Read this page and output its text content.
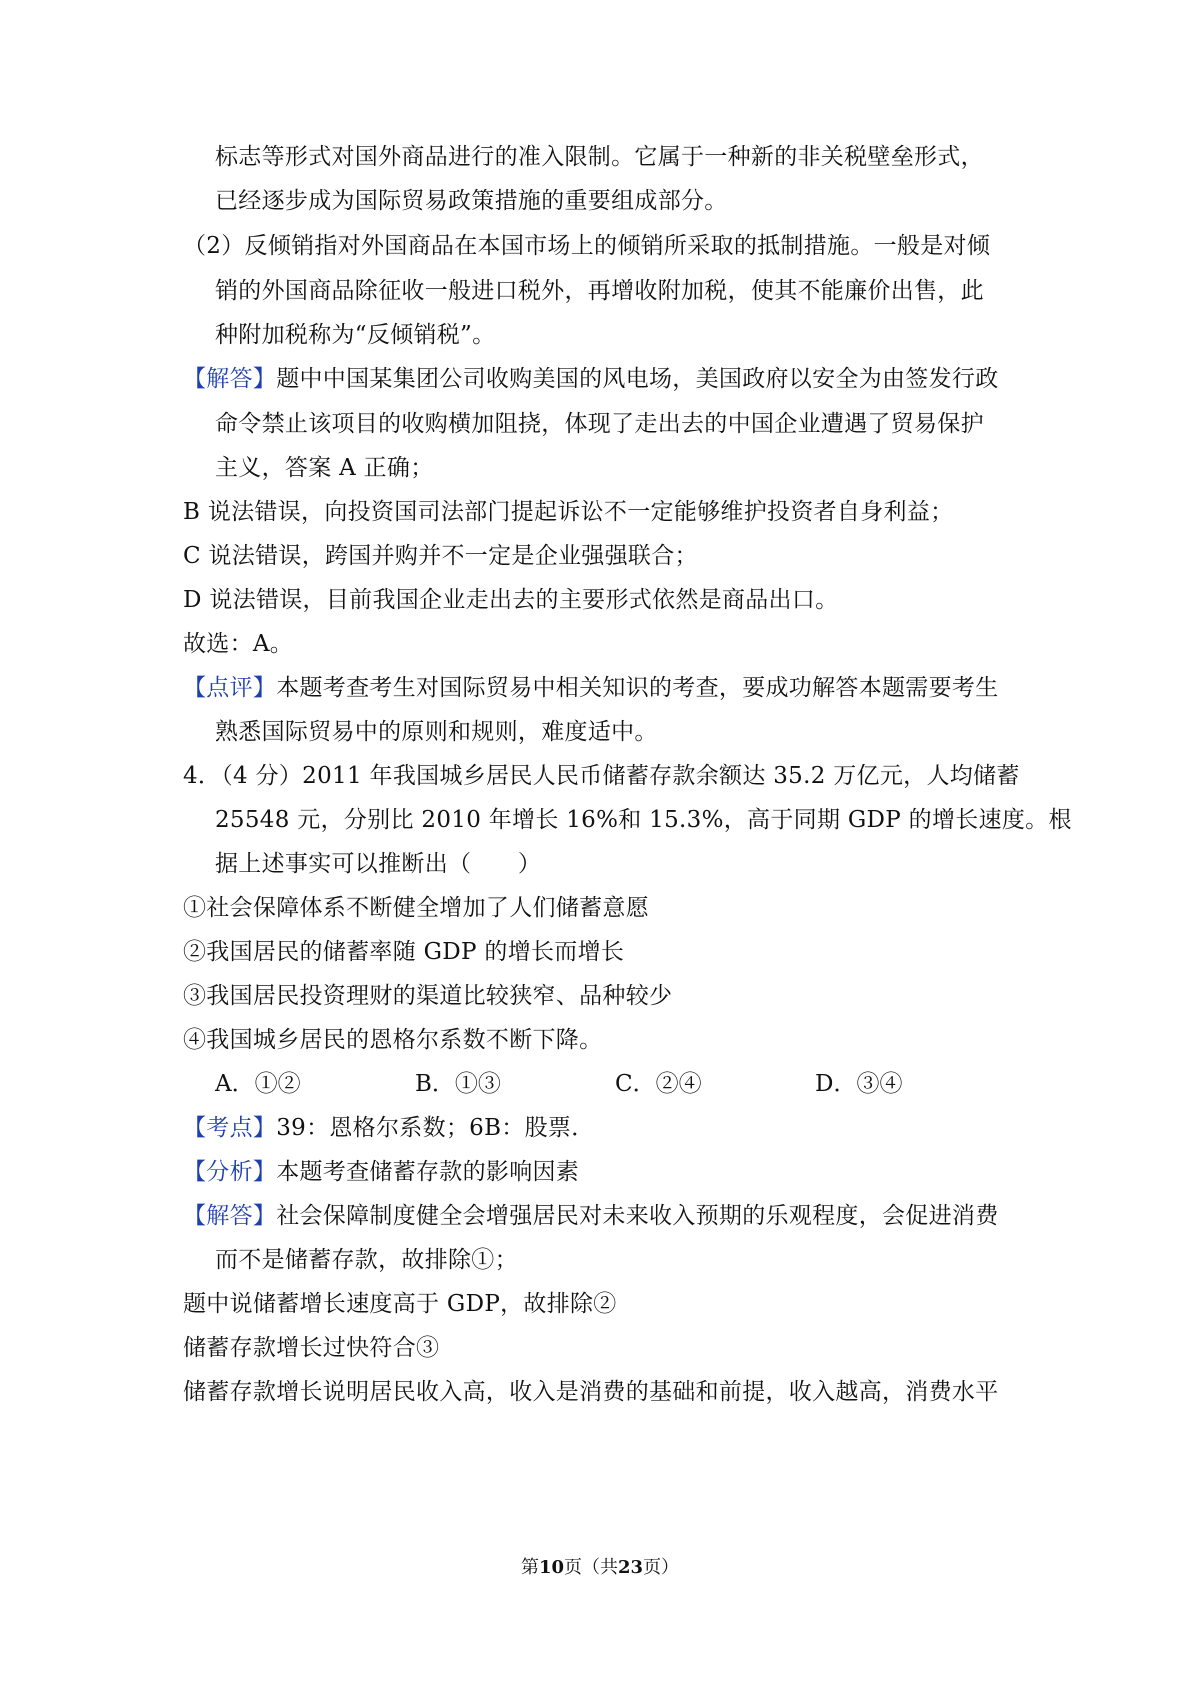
标志等形式对国外商品进行的准入限制。它属于一种新的非关税壁垒形式，
已经逐步成为国际贸易政策措施的重要组成部分。
（2）反倾销指对外国商品在本国市场上的倾销所采取的抵制措施。一般是对倾
销的外国商品除征收一般进口税外，再增收附加税，使其不能廉价出售，此
种附加税称为“反倾销税”。
【解答】题中中国某集团公司收购美国的风电场，美国政府以安全为由签发行政
命令禁止该项目的收购横加阻挠，体现了走出去的中国企业遭遇了贸易保护
主义，答案 A 正确；
B 说法错误，向投资国司法部门提起诉讼不一定能够维护投资者自身利益；
C 说法错误，跨国并购并不一定是企业强强联合；
D 说法错误，目前我国企业走出去的主要形式依然是商品出口。
故选：A。
【点评】本题考查考生对国际贸易中相关知识的考查，要成功解答本题需要考生
熟悉国际贸易中的原则和规则，难度适中。
4．（4 分）2011 年我国城乡居民人民币储蓄存款余额达 35.2 万亿元，人均储蓄
25548 元，分别比 2010 年增长 16%和 15.3%，高于同期 GDP 的增长速度。根
据上述事实可以推断出（　　）
①社会保障体系不断健全增加了人们储蓄意愿
②我国居民的储蓄率随 GDP 的增长而增长
③我国居民投资理财的渠道比较狭窄、品种较少
④我国城乡居民的恩格尔系数不断下降。
A．①②	B．①③	C．②④	D．③④
【考点】39：恩格尔系数；6B：股票．
【分析】本题考查储蓄存款的影响因素
【解答】社会保障制度健全会增强居民对未来收入预期的乐观程度，会促进消费
而不是储蓄存款，故排除①；
题中说储蓄增长速度高于 GDP，故排除②
储蓄存款增长过快符合③
储蓄存款增长说明居民收入高，收入是消费的基础和前提，收入越高，消费水平
第10页（共23页）
